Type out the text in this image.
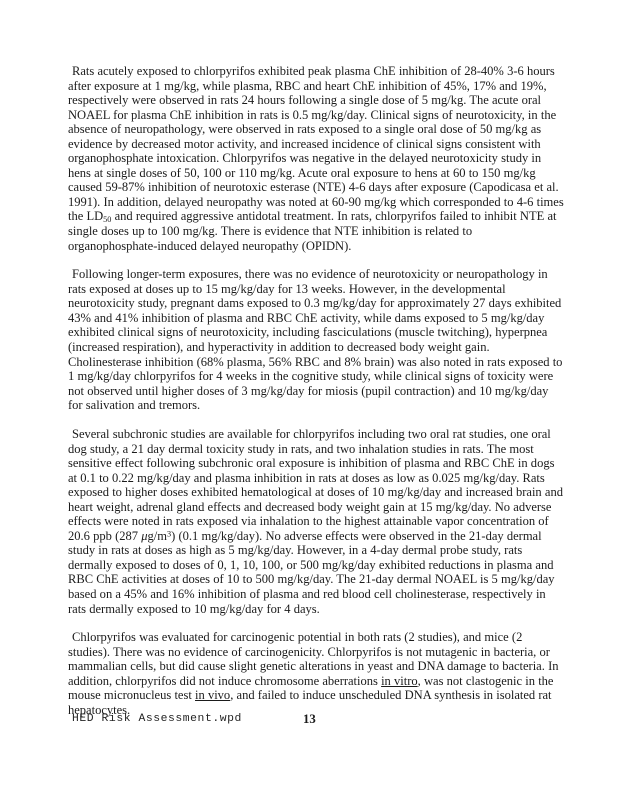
Rats acutely exposed to chlorpyrifos exhibited peak plasma ChE inhibition of 28-40% 3-6 hours after exposure at 1 mg/kg, while plasma, RBC and heart ChE inhibition of 45%, 17% and 19%, respectively were observed in rats 24 hours following a single dose of 5 mg/kg. The acute oral NOAEL for plasma ChE inhibition in rats is 0.5 mg/kg/day. Clinical signs of neurotoxicity, in the absence of neuropathology, were observed in rats exposed to a single oral dose of 50 mg/kg as evidence by decreased motor activity, and increased incidence of clinical signs consistent with organophosphate intoxication. Chlorpyrifos was negative in the delayed neurotoxicity study in hens at single doses of 50, 100 or 110 mg/kg. Acute oral exposure to hens at 60 to 150 mg/kg caused 59-87% inhibition of neurotoxic esterase (NTE) 4-6 days after exposure (Capodicasa et al. 1991). In addition, delayed neuropathy was noted at 60-90 mg/kg which corresponded to 4-6 times the $LD_{50}$ and required aggressive antidotal treatment. In rats, chlorpyrifos failed to inhibit NTE at single doses up to 100 mg/kg. There is evidence that NTE inhibition is related to organophosphate-induced delayed neuropathy (OPIDN).

Following longer-term exposures, there was no evidence of neurotoxicity or neuropathology in rats exposed at doses up to 15 mg/kg/day for 13 weeks. However, in the developmental neurotoxicity study, pregnant dams exposed to 0.3 mg/kg/day for approximately 27 days exhibited 43% and 41% inhibition of plasma and RBC ChE activity, while dams exposed to 5 mg/kg/day exhibited clinical signs of neurotoxicity, including fasciculations (muscle twitching), hyperpnea (increased respiration), and hyperactivity in addition to decreased body weight gain. Cholinesterase inhibition (68% plasma, 56% RBC and 8% brain) was also noted in rats exposed to 1 mg/kg/day chlorpyrifos for 4 weeks in the cognitive study, while clinical signs of toxicity were not observed until higher doses of 3 mg/kg/day for miosis (pupil contraction) and 10 mg/kg/day for salivation and tremors.

Several subchronic studies are available for chlorpyrifos including two oral rat studies, one oral dog study, a 21 day dermal toxicity study in rats, and two inhalation studies in rats. The most sensitive effect following subchronic oral exposure is inhibition of plasma and RBC ChE in dogs at 0.1 to 0.22 mg/kg/day and plasma inhibition in rats at doses as low as 0.025 mg/kg/day. Rats exposed to higher doses exhibited hematological at doses of 10 mg/kg/day and increased brain and heart weight, adrenal gland effects and decreased body weight gain at 15 mg/kg/day. No adverse effects were noted in rats exposed via inhalation to the highest attainable vapor concentration of 20.6 ppb (287 $\mu g/m^3$) (0.1 mg/kg/day). No adverse effects were observed in the 21-day dermal study in rats at doses as high as 5 mg/kg/day. However, in a 4-day dermal probe study, rats dermally exposed to doses of 0, 1, 10, 100, or 500 mg/kg/day exhibited reductions in plasma and RBC ChE activities at doses of 10 to 500 mg/kg/day. The 21-day dermal NOAEL is 5 mg/kg/day based on a 45% and 16% inhibition of plasma and red blood cell cholinesterase, respectively in rats dermally exposed to 10 mg/kg/day for 4 days.

Chlorpyrifos was evaluated for carcinogenic potential in both rats (2 studies), and mice (2 studies). There was no evidence of carcinogenicity. Chlorpyrifos is not mutagenic in bacteria, or mammalian cells, but did cause slight genetic alterations in yeast and DNA damage to bacteria. In addition, chlorpyrifos did not induce chromosome aberrations in vitro, was not clastogenic in the mouse micronucleus test in vivo, and failed to induce unscheduled DNA synthesis in isolated rat hepatocytes.

HED Risk Assessment.wpd	13
